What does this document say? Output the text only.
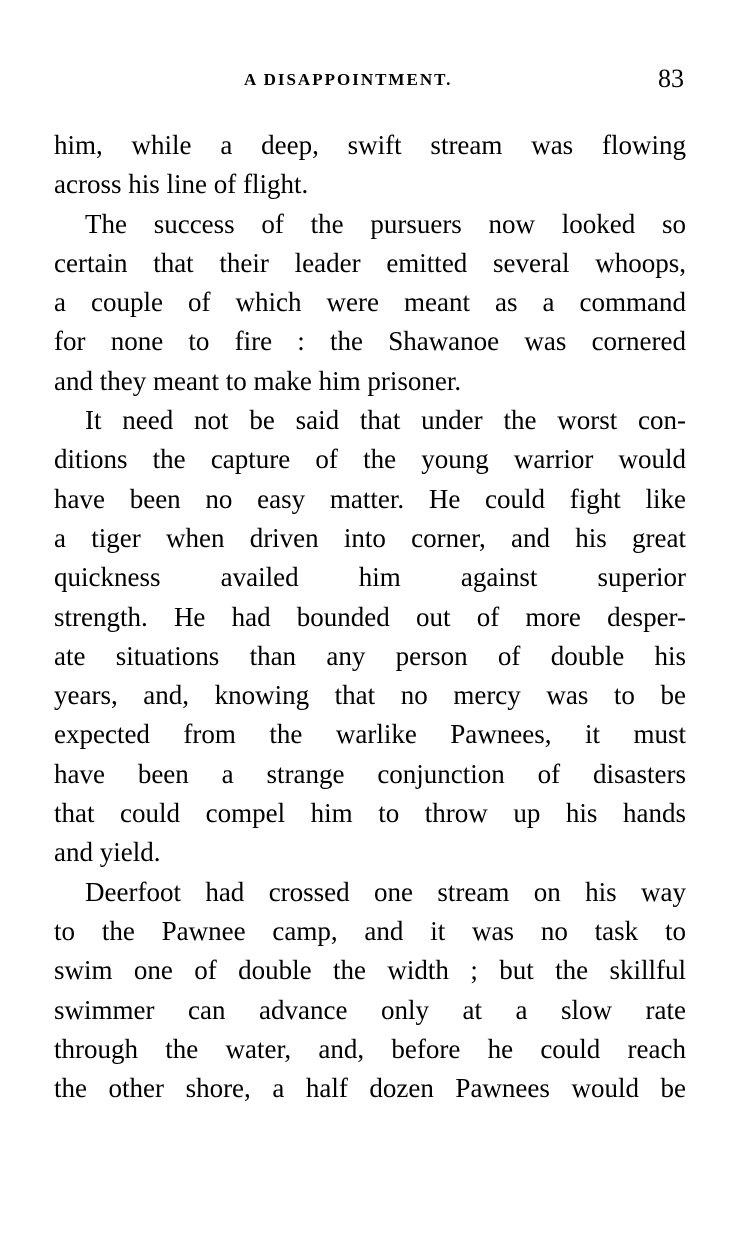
A DISAPPOINTMENT.	83

him, while a deep, swift stream was flowing
across his line of flight.

The success of the pursuers now looked so
certain that their leader emitted several whoops,
a couple of which were meant as a command
for none to fire : the Shawanoe was cornered
and they meant to make him prisoner.

It need not be said that under the worst con-
ditions the capture of the young warrior would
have been no easy matter. He could fight like
a tiger when driven into corner, and his great
quickness availed him against superior
strength. He had bounded out of more desper-
ate situations than any person of double his
years, and, knowing that no mercy was to be
expected from the warlike Pawnees, it must
have been a strange conjunction of disasters
that could compel him to throw up his hands
and yield.

Deerfoot had crossed one stream on his way
to the Pawnee camp, and it was no task to
swim one of double the width ; but the skillful
swimmer can advance only at a slow rate
through the water, and, before he could reach
the other shore, a half dozen Pawnees would be
